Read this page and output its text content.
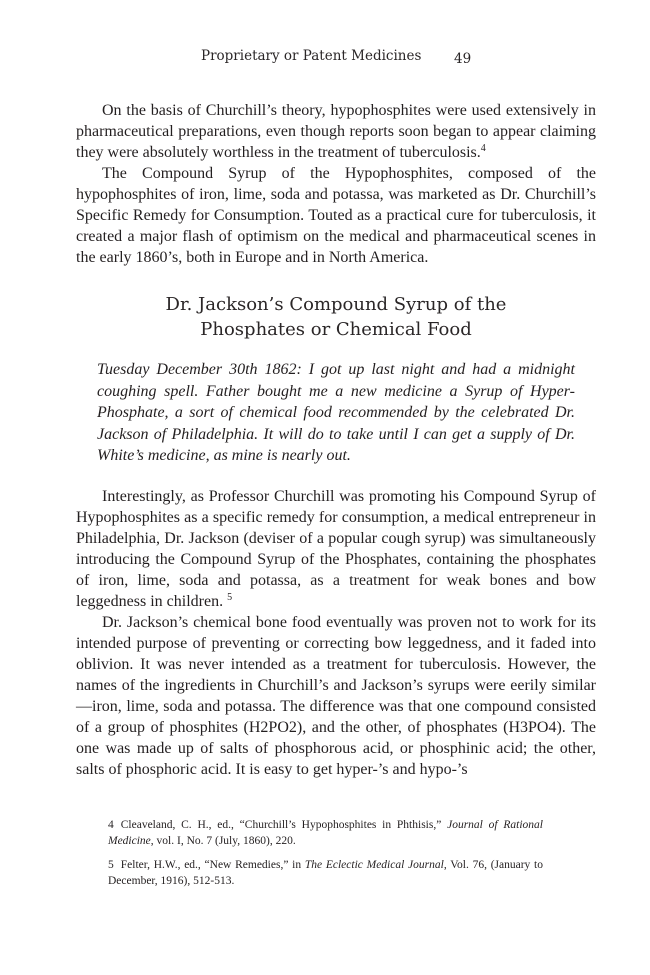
Proprietary or Patent Medicines 49

On the basis of Churchill’s theory, hypophosphites were used extensively in pharmaceutical preparations, even though reports soon began to appear claiming they were absolutely worthless in the treatment of tuberculosis.$^4$

The Compound Syrup of the Hypophosphites, composed of the hypophosphites of iron, lime, soda and potassa, was marketed as Dr. Churchill’s Specific Remedy for Consumption. Touted as a practical cure for tuberculosis, it created a major flash of optimism on the medical and pharmaceutical scenes in the early 1860’s, both in Europe and in North America.

Dr. Jackson’s Compound Syrup of the
Phosphates or Chemical Food
Tuesday December 30th 1862: I got up last night and had a midnight coughing spell. Father bought me a new medicine a Syrup of Hyper-Phosphate, a sort of chemical food recommended by the celebrated Dr. Jackson of Philadelphia. It will do to take until I can get a supply of Dr. White’s medicine, as mine is nearly out.

Interestingly, as Professor Churchill was promoting his Compound Syrup of Hypophosphites as a specific remedy for consumption, a medical entrepreneur in Philadelphia, Dr. Jackson (deviser of a popular cough syrup) was simultaneously introducing the Compound Syrup of the Phosphates, containing the phosphates of iron, lime, soda and potassa, as a treatment for weak bones and bow leggedness in children. $^5$

Dr. Jackson’s chemical bone food eventually was proven not to work for its intended purpose of preventing or correcting bow leggedness, and it faded into oblivion. It was never intended as a treatment for tuberculosis. However, the names of the ingredients in Churchill’s and Jackson’s syrups were eerily similar—iron, lime, soda and potassa. The difference was that one compound consisted of a group of phosphites (H2PO2), and the other, of phosphates (H3PO4). The one was made up of salts of phosphorous acid, or phosphinic acid; the other, salts of phosphoric acid. It is easy to get hyper-’s and hypo-’s

4 Cleaveland, C. H., ed., “Churchill’s Hypophosphites in Phthisis,” Journal of Rational Medicine, vol. I, No. 7 (July, 1860), 220.
5 Felter, H.W., ed., “New Remedies,” in The Eclectic Medical Journal, Vol. 76, (January to December, 1916), 512-513.
